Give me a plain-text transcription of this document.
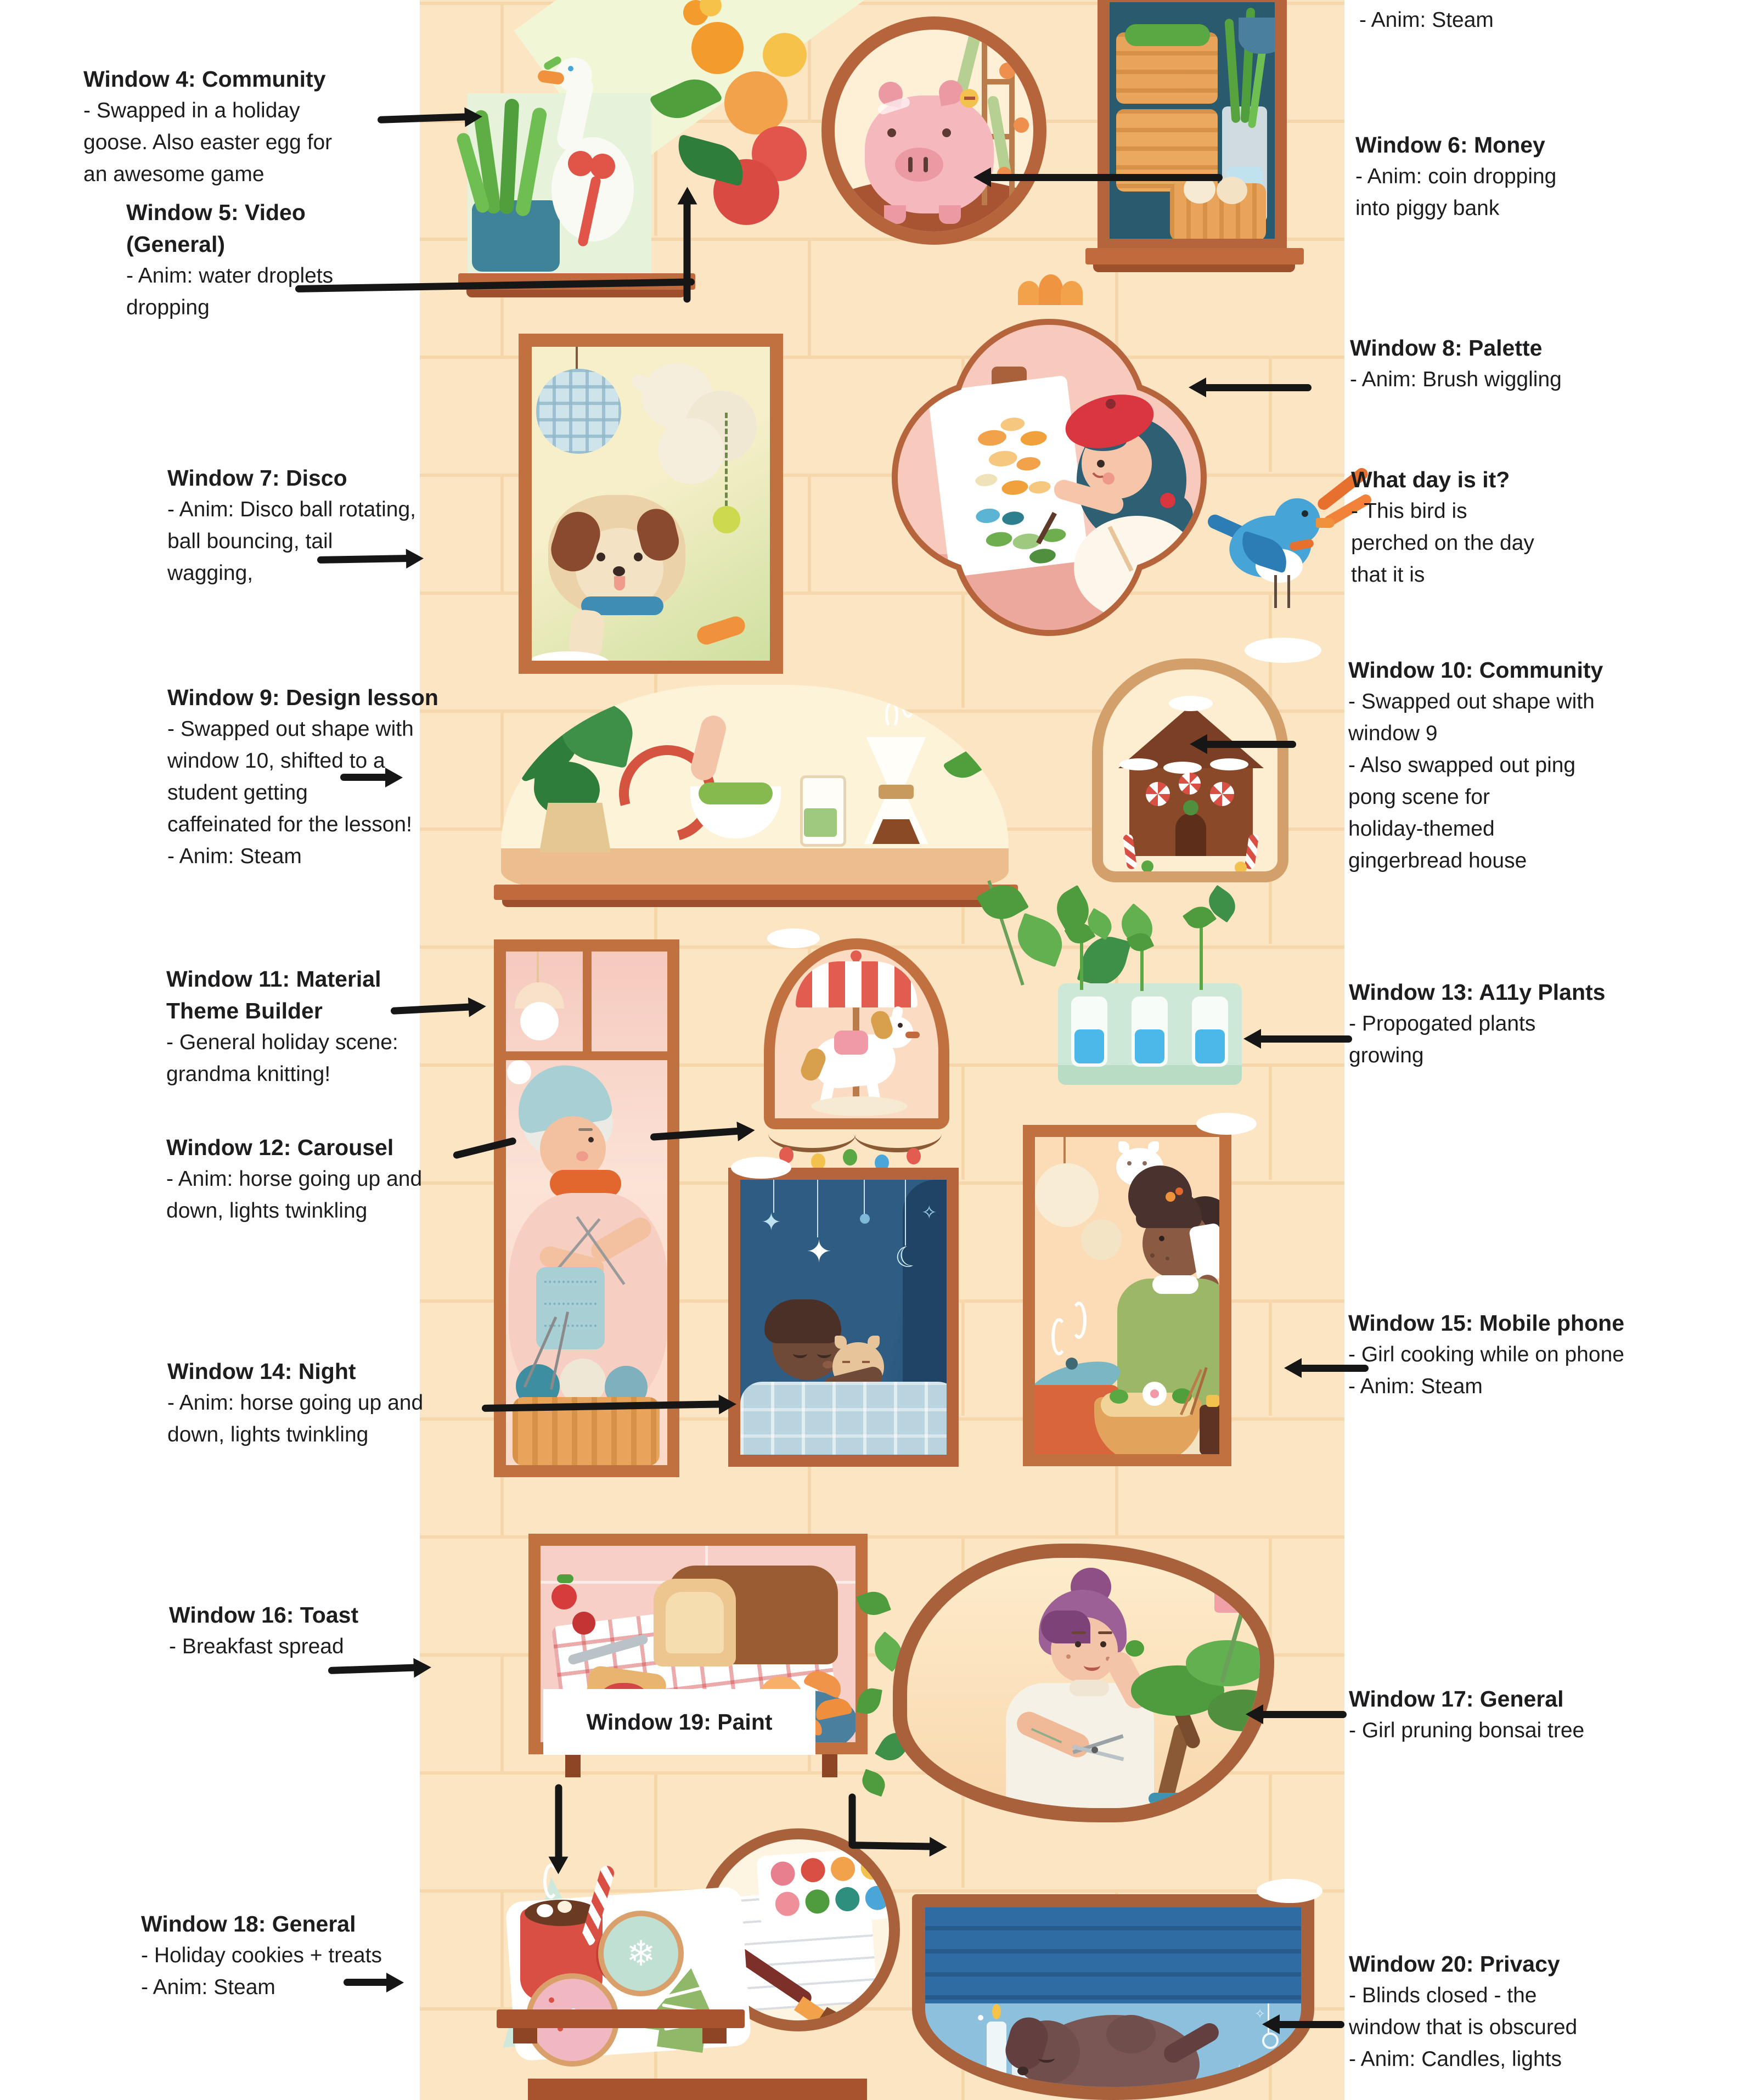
✦
✦ ☾
✧
Window 19: Paint
❄
✧
✧
- Anim: Steam
Window 4: Community
- Swapped in a holiday
goose. Also easter egg for
an awesome game
Window 5: Video
(General)
- Anim: water droplets
dropping
Window 6: Money
- Anim: coin dropping
into piggy bank
Window 8: Palette
- Anim: Brush wiggling
Window 7: Disco
- Anim: Disco ball rotating,
ball bouncing, tail
wagging,
What day is it?
- This bird is
perched on the day
that it is
Window 9: Design lesson
- Swapped out shape with
window 10, shifted to a
student getting
caffeinated for the lesson!
- Anim: Steam
Window 10: Community
- Swapped out shape with
window 9
- Also swapped out ping
pong scene for
holiday-themed
gingerbread house
Window 11: Material
Theme Builder
- General holiday scene:
grandma knitting!
Window 12: Carousel
- Anim: horse going up and
down, lights twinkling
Window 13: A11y Plants
- Propogated plants
growing
Window 14: Night
- Anim: horse going up and
down, lights twinkling
Window 15: Mobile phone
- Girl cooking while on phone
- Anim: Steam
Window 16: Toast
- Breakfast spread
Window 17: General
- Girl pruning bonsai tree
Window 18: General
- Holiday cookies + treats
- Anim: Steam
Window 20: Privacy
- Blinds closed - the
window that is obscured
- Anim: Candles, lights
